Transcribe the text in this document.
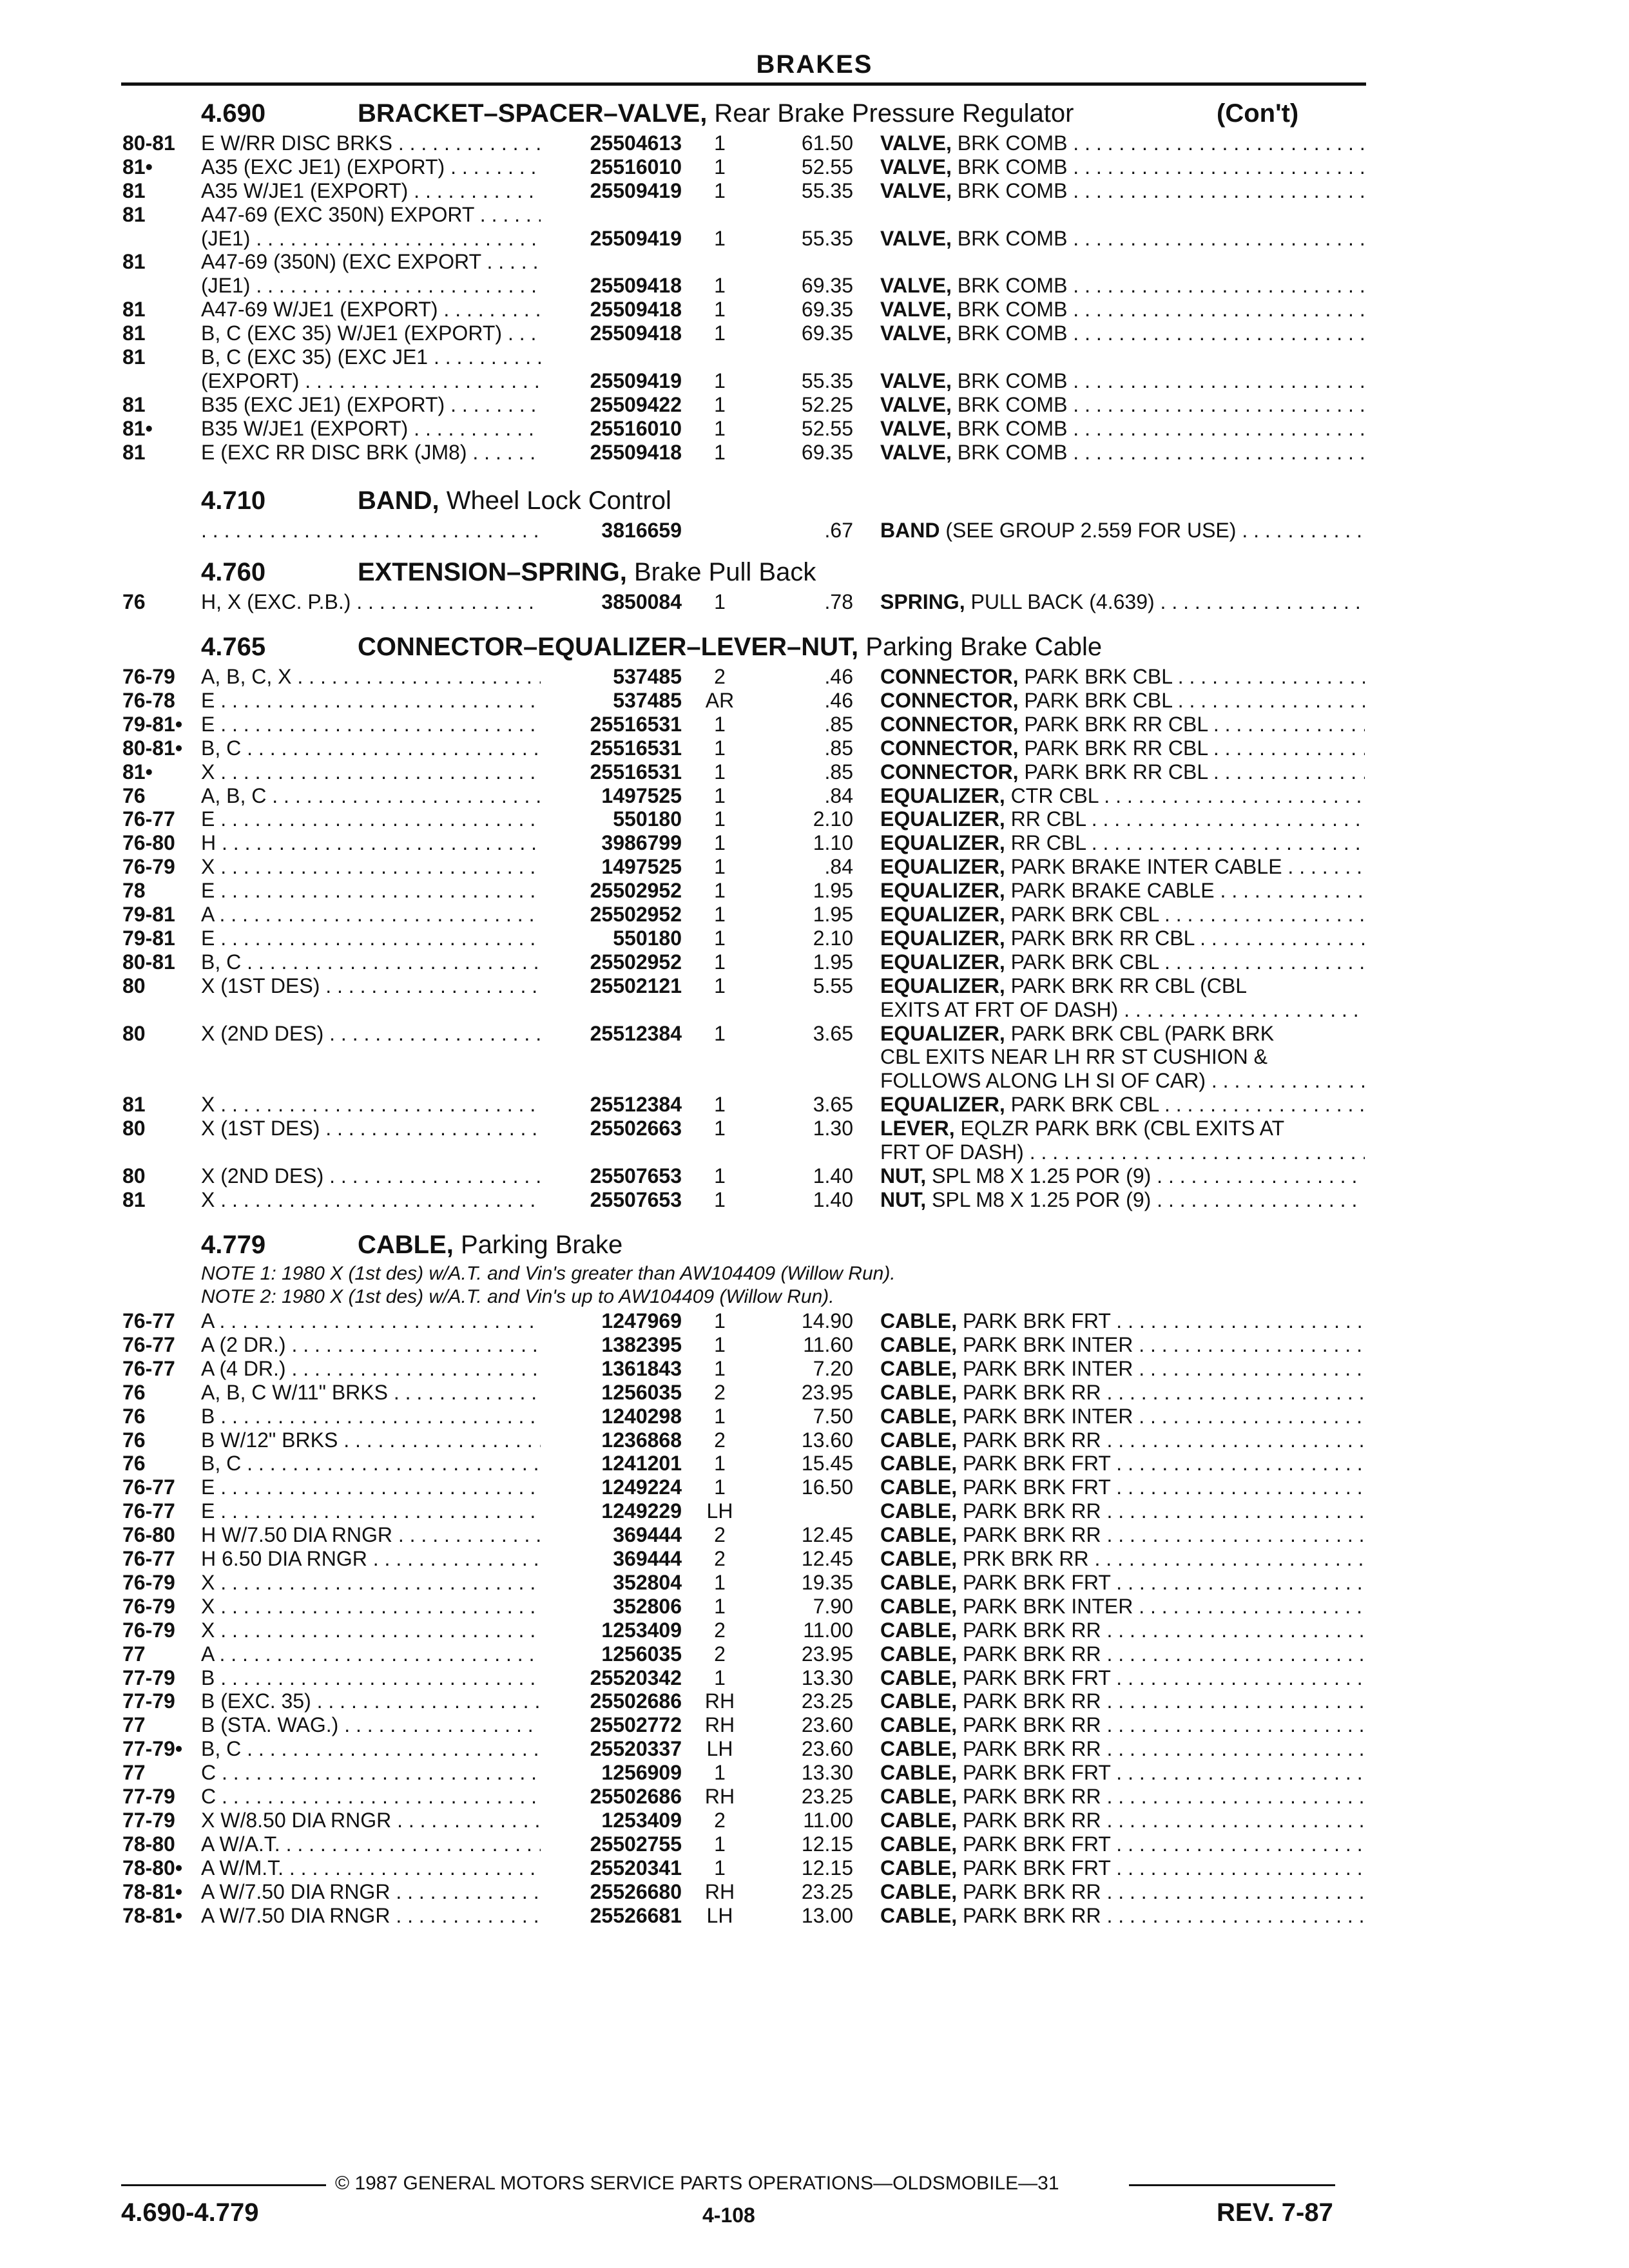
BRAKES
4.690	BRACKET–SPACER–VALVE, Rear Brake Pressure Regulator	(Con't)
80-81 E W/RR DISC BRKS . . .	25504613	1	61.50 VALVE, BRK COMB . . .
81• A35 (EXC JE1) (EXPORT) . . .	25516010	1	52.55 VALVE, BRK COMB . . .
81	A35 W/JE1 (EXPORT) . . .	25509419	1	55.35 VALVE, BRK COMB . . .
81	A47-69 (EXC 350N) EXPORT . . .
(JE1) . . .	25509419	1	55.35 VALVE, BRK COMB . . .
81	A47-69 (350N) (EXC EXPORT . . .
(JE1) . . .	25509418	1	69.35 VALVE, BRK COMB . . .
81	A47-69 W/JE1 (EXPORT) . . .	25509418	1	69.35 VALVE, BRK COMB . . .
81	B, C (EXC 35) W/JE1 (EXPORT) . . .	25509418	1	69.35 VALVE, BRK COMB . . .
81	B, C (EXC 35) (EXC JE1 . . .
(EXPORT) . . .	25509419	1	55.35 VALVE, BRK COMB . . .
81	B35 (EXC JE1) (EXPORT) . . .	25509422	1	52.25 VALVE, BRK COMB . . .
81• B35 W/JE1 (EXPORT) . . .	25516010	1	52.55 VALVE, BRK COMB . . .
81	E (EXC RR DISC BRK (JM8) . . .	25509418	1	69.35 VALVE, BRK COMB . . .
4.710	BAND, Wheel Lock Control
. . .
3816659	.67 BAND (SEE GROUP 2.559 FOR USE) . . .
4.760	EXTENSION–SPRING, Brake Pull Back
76	H, X (EXC. P.B.) . . .	3850084	1	.78 SPRING, PULL BACK (4.639) . . .
4.765	CONNECTOR–EQUALIZER–LEVER–NUT, Parking Brake Cable
76-79 A, B, C, X . . .	537485	2	.46 CONNECTOR, PARK BRK CBL . . .
76-78 E . . .	537485	AR	.46 CONNECTOR, PARK BRK CBL . . .
79-81• E . . .	25516531	1	.85 CONNECTOR, PARK BRK RR CBL . . .
80-81• B, C . . .	25516531	1	.85 CONNECTOR, PARK BRK RR CBL . . .
81• X . . .	25516531	1	.85 CONNECTOR, PARK BRK RR CBL . . .
76	A, B, C . . .	1497525	1	.84 EQUALIZER, CTR CBL . . .
76-77 E . . .	550180	1	2.10 EQUALIZER, RR CBL . . .
76-80 H . . .	3986799	1	1.10 EQUALIZER, RR CBL . . .
76-79 X . . .	1497525	1	.84 EQUALIZER, PARK BRAKE INTER CABLE . . .
78	E . . .	25502952	1	1.95 EQUALIZER, PARK BRAKE CABLE . . .
79-81 A . . .	25502952	1	1.95 EQUALIZER, PARK BRK CBL . . .
79-81 E . . .	550180	1	2.10 EQUALIZER, PARK BRK RR CBL . . .
80-81 B, C . . .	25502952	1	1.95 EQUALIZER, PARK BRK CBL . . .
80	X (1ST DES) . . .	25502121	1	5.55 EQUALIZER, PARK BRK RR CBL (CBL
EXITS AT FRT OF DASH) . . .
80	X (2ND DES) . . .	25512384	1	3.65 EQUALIZER, PARK BRK CBL (PARK BRK
CBL EXITS NEAR LH RR ST CUSHION &
FOLLOWS ALONG LH SI OF CAR) . . .
81	X . . .	25512384	1	3.65 EQUALIZER, PARK BRK CBL . . .
80	X (1ST DES) . . .	25502663	1	1.30 LEVER, EQLZR PARK BRK (CBL EXITS AT
FRT OF DASH) . . .
80	X (2ND DES) . . .	25507653	1	1.40 NUT, SPL M8 X 1.25 POR (9) . . .
81	X . . .	25507653	1	1.40 NUT, SPL M8 X 1.25 POR (9) . . .
4.779	CABLE, Parking Brake
NOTE 1: 1980 X (1st des) w/A.T. and Vin's greater than AW104409 (Willow Run).
NOTE 2: 1980 X (1st des) w/A.T. and Vin's up to AW104409 (Willow Run).
76-77 A . . .	1247969	1	14.90 CABLE, PARK BRK FRT . . .
76-77 A (2 DR.) . . .	1382395	1	11.60 CABLE, PARK BRK INTER . . .
76-77 A (4 DR.) . . .	1361843	1	7.20 CABLE, PARK BRK INTER . . .
76	A, B, C W/11" BRKS . . .	1256035	2	23.95 CABLE, PARK BRK RR . . .
76	B . . .	1240298	1	7.50 CABLE, PARK BRK INTER . . .
76	B W/12" BRKS . . .	1236868	2	13.60 CABLE, PARK BRK RR . . .
76	B, C . . .	1241201	1	15.45 CABLE, PARK BRK FRT . . .
76-77 E . . .	1249224	1	16.50 CABLE, PARK BRK FRT . . .
76-77 E . . .	1249229	LH	CABLE, PARK BRK RR . . .
76-80 H W/7.50 DIA RNGR . . .	369444	2	12.45 CABLE, PARK BRK RR . . .
76-77 H 6.50 DIA RNGR . . .	369444	2	12.45 CABLE, PRK BRK RR . . .
76-79 X . . .	352804	1	19.35 CABLE, PARK BRK FRT . . .
76-79 X . . .	352806	1	7.90 CABLE, PARK BRK INTER . . .
76-79 X . . .	1253409	2	11.00 CABLE, PARK BRK RR . . .
77	A . . .	1256035	2	23.95 CABLE, PARK BRK RR . . .
77-79 B . . .	25520342	1	13.30 CABLE, PARK BRK FRT . . .
77-79 B (EXC. 35) . . .	25502686	RH	23.25 CABLE, PARK BRK RR . . .
77	B (STA. WAG.) . . .	25502772	RH	23.60 CABLE, PARK BRK RR . . .
77-79• B, C . . .	25520337	LH	23.60 CABLE, PARK BRK RR . . .
77	C . . .	1256909	1	13.30 CABLE, PARK BRK FRT . . .
77-79 C . . .	25502686	RH	23.25 CABLE, PARK BRK RR . . .
77-79 X W/8.50 DIA RNGR . . .	1253409	2	11.00 CABLE, PARK BRK RR . . .
78-80 A W/A.T. . . .	25502755	1	12.15 CABLE, PARK BRK FRT . . .
78-80• A W/M.T. . . .	25520341	1	12.15 CABLE, PARK BRK FRT . . .
78-81• A W/7.50 DIA RNGR . . .	25526680	RH	23.25 CABLE, PARK BRK RR . . .
78-81• A W/7.50 DIA RNGR . . .	25526681	LH	13.00 CABLE, PARK BRK RR . . .
© 1987 GENERAL MOTORS SERVICE PARTS OPERATIONS—OLDSMOBILE—31
4.690-4.779	4-108	REV. 7-87
